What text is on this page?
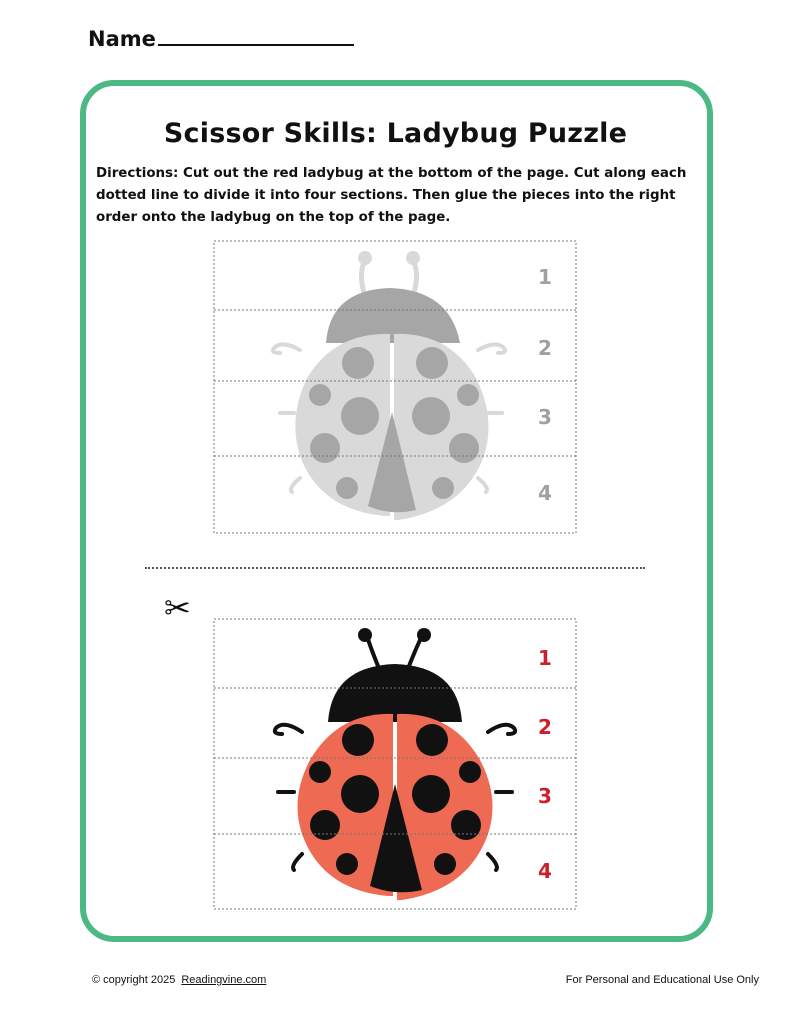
Name
Scissor Skills: Ladybug Puzzle
Directions: Cut out the red ladybug at the bottom of the page. Cut along each dotted line to divide it into four sections. Then glue the pieces into the right order onto the ladybug on the top of the page.
1
2
3
4
✂
1
2
3
4
© copyright 2025 Readingvine.com	For Personal and Educational Use Only
